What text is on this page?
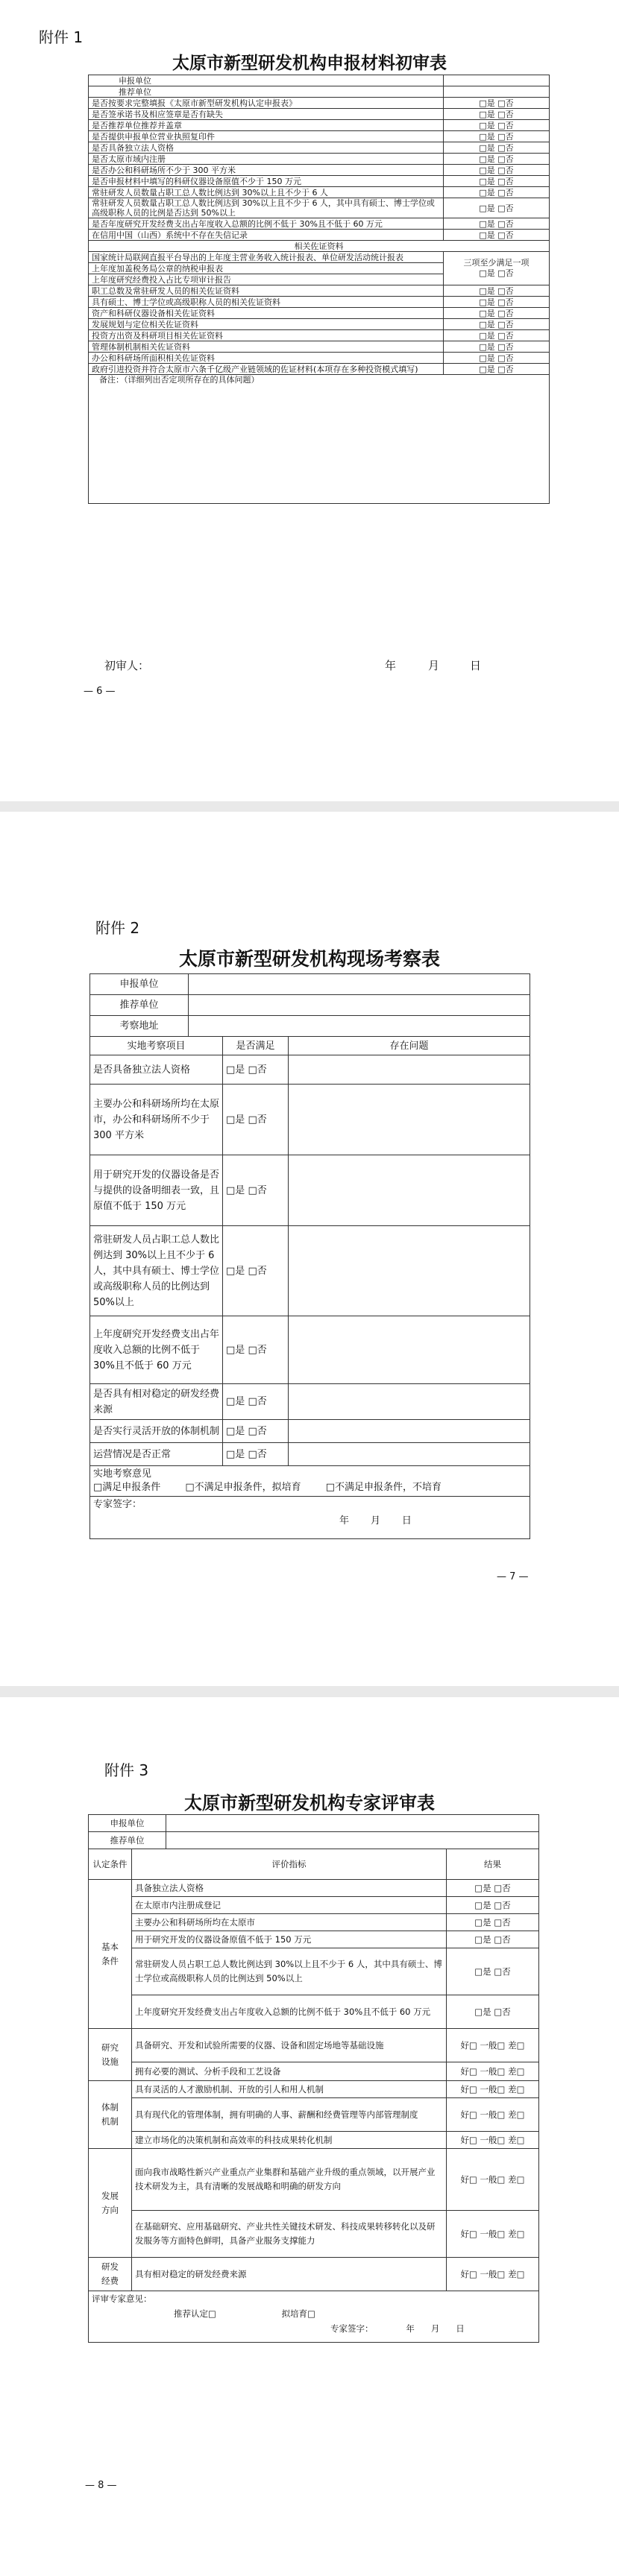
附件 1
太原市新型研发机构申报材料初审表
申报单位	
推荐单位	
是否按要求完整填报《太原市新型研发机构认定申报表》	□是 □否
是否签承诺书及相应签章是否有缺失	□是 □否
是否推荐单位推荐并盖章	□是 □否
是否提供申报单位营业执照复印件	□是 □否
是否具备独立法人资格	□是 □否
是否太原市域内注册	□是 □否
是否办公和科研场所不少于 300 平方米	□是 □否
是否申报材料中填写的科研仪器设备原值不少于 150 万元	□是 □否
常驻研发人员数量占职工总人数比例达到 30%以上且不少于 6 人	□是 □否
常驻研发人员数量占职工总人数比例达到 30%以上且不少于 6 人，其中具有硕士、博士学位或高级职称人员的比例是否达到 50%以上	□是 □否
是否年度研究开发经费支出占年度收入总额的比例不低于 30%且不低于 60 万元	□是 □否
在信用中国（山西）系统中不存在失信记录	□是 □否
相关佐证资料	
国家统计局联网直报平台导出的上年度主营业务收入统计报表、单位研发活动统计报表	三项至少满足一项
□是 □否
上年度加盖税务局公章的纳税申报表	
上年度研究经费投入占比专项审计报告	
职工总数及常驻研发人员的相关佐证资料	□是 □否
具有硕士、博士学位或高级职称人员的相关佐证资料	□是 □否
资产和科研仪器设备相关佐证资料	□是 □否
发展规划与定位相关佐证资料	□是 □否
投资方出资及科研项目相关佐证资料	□是 □否
管理体制机制相关佐证资料	□是 □否
办公和科研场所面积相关佐证资料	□是 □否
政府引进投资并符合太原市六条千亿级产业链领域的佐证材料(本项存在多种投资模式填写)	□是 □否
备注：（详细列出否定项所存在的具体问题）	
初审人：	年	月	日
— 6 —
附件 2
太原市新型研发机构现场考察表
申报单位			
推荐单位			
考察地址			
实地考察项目		是否满足	存在问题
是否具备独立法人资格		□是 □否	
主要办公和科研场所均在太原市，办公和科研场所不少于 300 平方米		□是 □否	
用于研究开发的仪器设备是否与提供的设备明细表一致，且原值不低于 150 万元		□是 □否	
常驻研发人员占职工总人数比例达到 30%以上且不少于 6 人，其中具有硕士、博士学位或高级职称人员的比例达到 50%以上		□是 □否	
上年度研究开发经费支出占年度收入总额的比例不低于 30%且不低于 60 万元		□是 □否	
是否具有相对稳定的研发经费来源		□是 □否	
是否实行灵活开放的体制机制		□是 □否	
运营情况是否正常		□是 □否	
实地考察意见
□满足申报条件 □不满足申报条件，拟培育 □不满足申报条件，不培育			
专家签字：
年 月 日			
— 7 —
附件 3
太原市新型研发机构专家评审表
申报单位			
推荐单位			
认定条件	评价指标		结果
基本条件	具备独立法人资格		□是 □否
	在太原市内注册成登记		□是 □否
	主要办公和科研场所均在太原市		□是 □否
	用于研究开发的仪器设备原值不低于 150 万元		□是 □否
	常驻研发人员占职工总人数比例达到 30%以上且不少于 6 人，其中具有硕士、博士学位或高级职称人员的比例达到 50%以上		□是 □否
	上年度研究开发经费支出占年度收入总额的比例不低于 30%且不低于 60 万元		□是 □否
研究设施	具备研究、开发和试验所需要的仪器、设备和固定场地等基础设施		好□ 一般□ 差□
	拥有必要的测试、分析手段和工艺设备		好□ 一般□ 差□
体制机制	具有灵活的人才激励机制、开放的引人和用人机制		好□ 一般□ 差□
	具有现代化的管理体制，拥有明确的人事、薪酬和经费管理等内部管理制度		好□ 一般□ 差□
	建立市场化的决策机制和高效率的科技成果转化机制		好□ 一般□ 差□
发展方向	面向我市战略性新兴产业重点产业集群和基础产业升级的重点领域，以开展产业技术研发为主，具有清晰的发展战略和明确的研发方向		好□ 一般□ 差□
	在基础研究、应用基础研究、产业共性关键技术研发、科技成果转移转化以及研发服务等方面特色鲜明，具备产业服务支撑能力		好□ 一般□ 差□
研发经费	具有相对稳定的研发经费来源		好□ 一般□ 差□
评审专家意见：
推荐认定□ 拟培育□
专家签字： 年 月 日			
— 8 —
